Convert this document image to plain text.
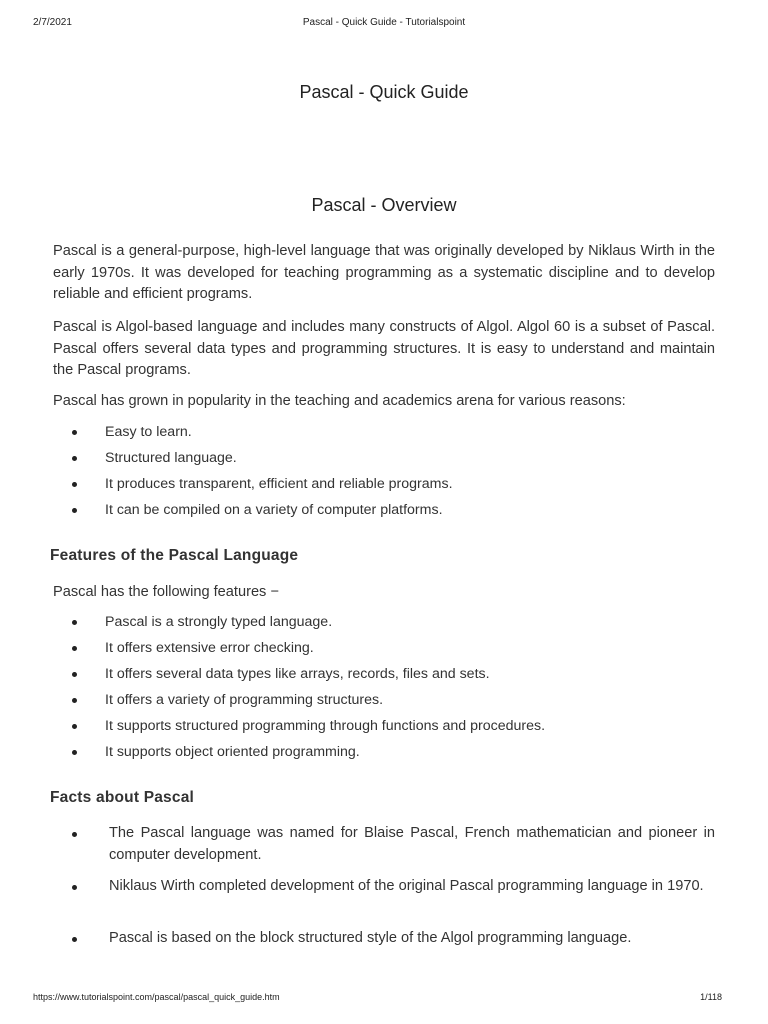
2/7/2021	Pascal - Quick Guide - Tutorialspoint
Pascal - Quick Guide
Pascal - Overview

Pascal is a general-purpose, high-level language that was originally developed by Niklaus Wirth in the early 1970s. It was developed for teaching programming as a systematic discipline and to develop reliable and efficient programs.

Pascal is Algol-based language and includes many constructs of Algol. Algol 60 is a subset of Pascal. Pascal offers several data types and programming structures. It is easy to understand and maintain the Pascal programs.

Pascal has grown in popularity in the teaching and academics arena for various reasons:

Easy to learn.
Structured language.
It produces transparent, efficient and reliable programs.
It can be compiled on a variety of computer platforms.
Features of the Pascal Language

Pascal has the following features −

Pascal is a strongly typed language.
It offers extensive error checking.
It offers several data types like arrays, records, files and sets.
It offers a variety of programming structures.
It supports structured programming through functions and procedures.
It supports object oriented programming.
Facts about Pascal
The Pascal language was named for Blaise Pascal, French mathematician and pioneer in computer development.
Niklaus Wirth completed development of the original Pascal programming language in 1970.
Pascal is based on the block structured style of the Algol programming language.
https://www.tutorialspoint.com/pascal/pascal_quick_guide.htm	1/118
